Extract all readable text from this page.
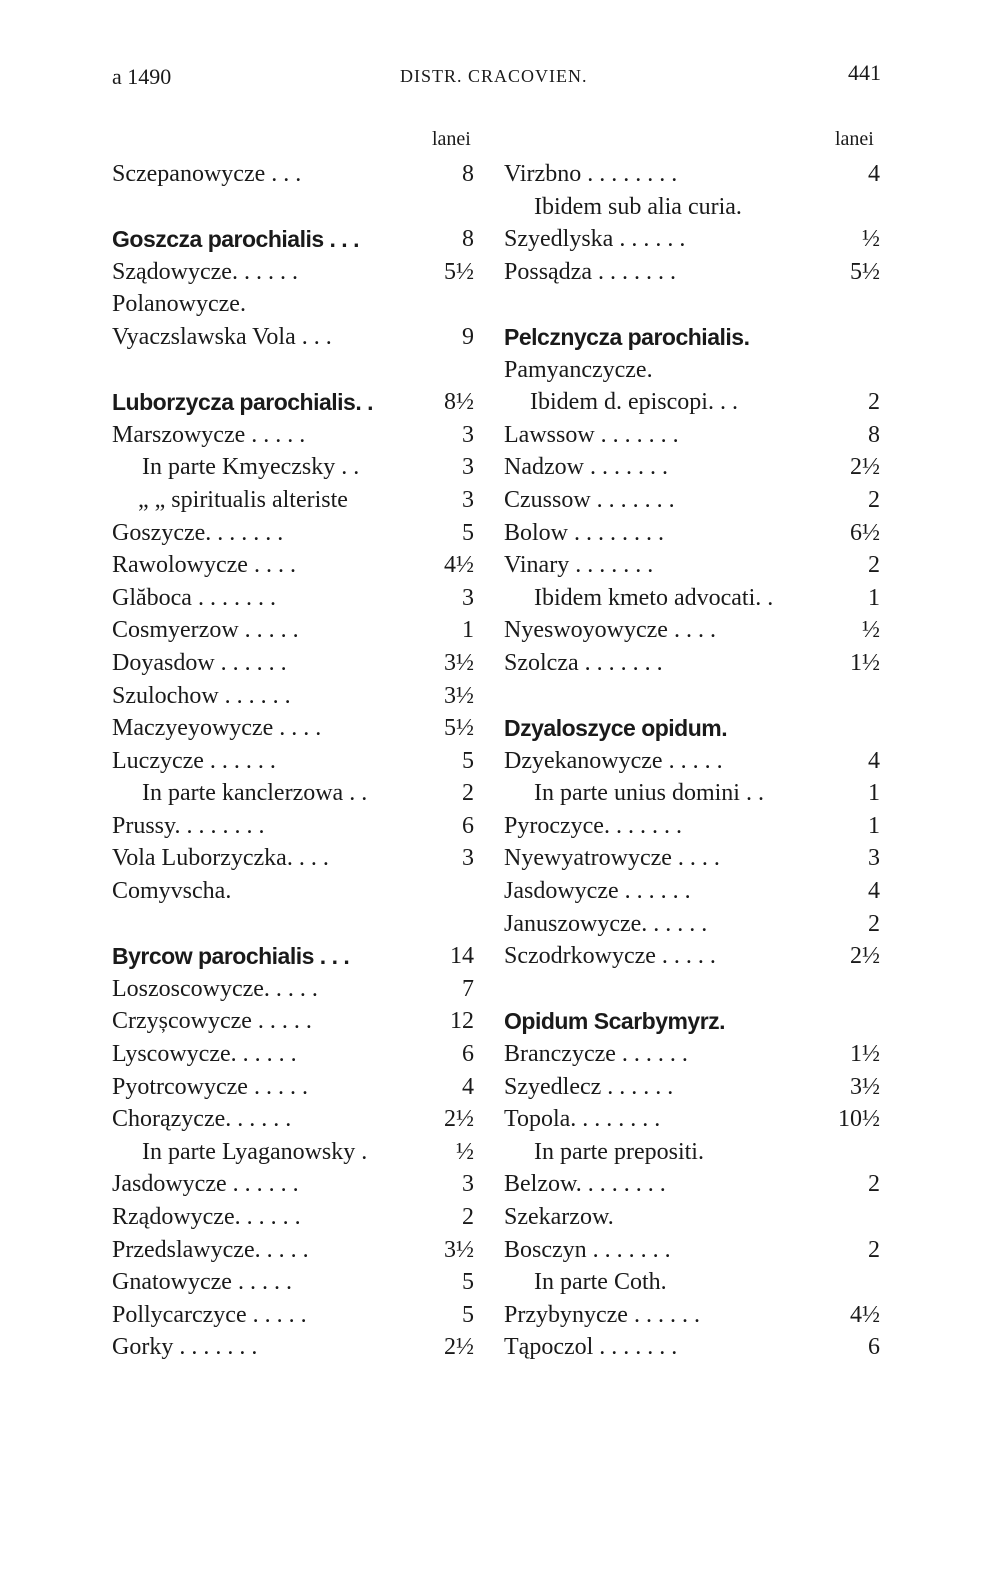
a 1490	DISTR. CRACOVIEN.	441
lanei	lanei
Sczepanowycze . . .	8
Goszcza parochialis . . .	8
Sządowycze. . . . . .	5½
Polanowycze.
Vyaczslawska Vola . . .	9
Luborzycza parochialis. .	8½
Marszowycze . . . . .	3
In parte Kmyeczsky . .	3
„ „ spiritualis alteriste	3
Goszycze. . . . . . .	5
Rawolowycze . . . .	4½
Glăboca . . . . . . .	3
Cosmyerzow . . . . .	1
Doyasdow . . . . . .	3½
Szulochow . . . . . .	3½
Maczyeyowycze . . . .	5½
Luczycze . . . . . .	5
In parte kanclerzowa . .	2
Prussy. . . . . . . .	6
Vola Luborzyczka. . . .	3
Comyvscha.
Byrcow parochialis . . .	14
Loszoscowycze. . . . .	7
Crzyșcowycze . . . . .	12
Lyscowycze. . . . . .	6
Pyotrcowycze . . . . .	4
Chorązycze. . . . . .	2½
In parte Lyaganowsky .	½
Jasdowycze . . . . . .	3
Rządowycze. . . . . .	2
Przedslawycze. . . . .	3½
Gnatowycze . . . . .	5
Pollycarczyce . . . . .	5
Gorky . . . . . . .	2½
Virzbno . . . . . . . .	4
Ibidem sub alia curia.
Szyedlyska . . . . . .	½
Possądza . . . . . . .	5½
Pelcznycza parochialis.
Pamyanczycze.
Ibidem d. episcopi. . .	2
Lawssow . . . . . . .	8
Nadzow . . . . . . .	2½
Czussow . . . . . . .	2
Bolow . . . . . . . .	6½
Vinary . . . . . . .	2
Ibidem kmeto advocati. .	1
Nyeswoyowycze . . . .	½
Szolcza . . . . . . .	1½
Dzyaloszyce opidum.
Dzyekanowycze . . . . .	4
In parte unius domini . .	1
Pyroczyce. . . . . . .	1
Nyewyatrowycze . . . .	3
Jasdowycze . . . . . .	4
Januszowycze. . . . . .	2
Sczodrkowycze . . . . .	2½
Opidum Scarbymyrz.
Branczycze . . . . . .	1½
Szyedlecz . . . . . .	3½
Topola. . . . . . . .	10½
In parte prepositi.
Belzow. . . . . . . .	2
Szekarzow.
Bosczyn . . . . . . .	2
In parte Coth.
Przybynycze . . . . . .	4½
Tąpoczol . . . . . . .	6
